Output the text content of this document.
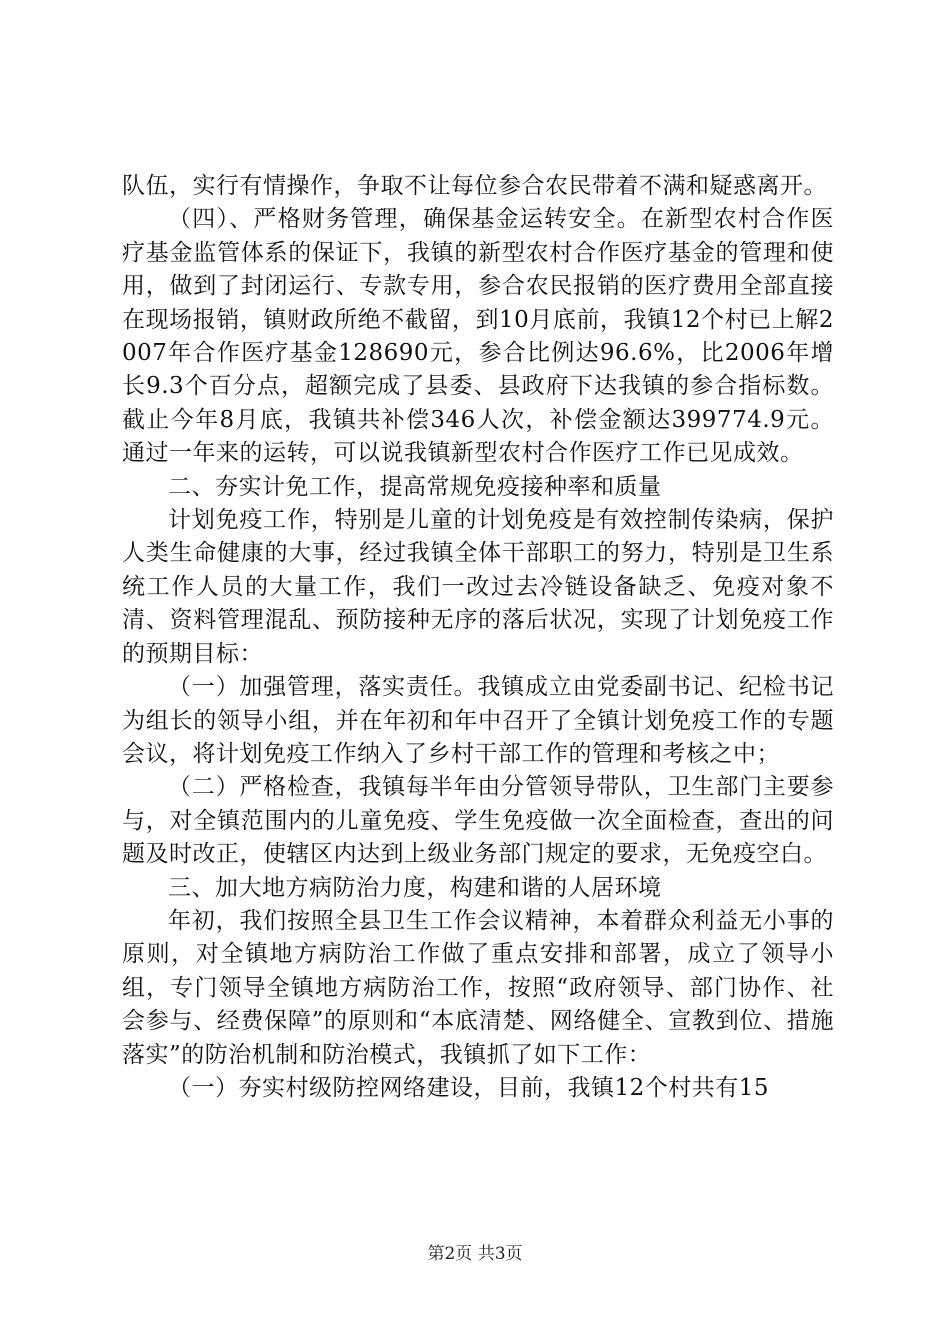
队伍，实行有情操作，争取不让每位参合农民带着不满和疑惑离开。

（四）、严格财务管理，确保基金运转安全。在新型农村合作医疗基金监管体系的保证下，我镇的新型农村合作医疗基金的管理和使用，做到了封闭运行、专款专用，参合农民报销的医疗费用全部直接在现场报销，镇财政所绝不截留，到10月底前，我镇12个村已上解2007年合作医疗基金128690元，参合比例达96.6%，比2006年增长9.3个百分点，超额完成了县委、县政府下达我镇的参合指标数。截止今年8月底，我镇共补偿346人次，补偿金额达399774.9元。通过一年来的运转，可以说我镇新型农村合作医疗工作已见成效。

二、夯实计免工作，提高常规免疫接种率和质量

计划免疫工作，特别是儿童的计划免疫是有效控制传染病，保护人类生命健康的大事，经过我镇全体干部职工的努力，特别是卫生系统工作人员的大量工作，我们一改过去冷链设备缺乏、免疫对象不清、资料管理混乱、预防接种无序的落后状况，实现了计划免疫工作的预期目标：

（一）加强管理，落实责任。我镇成立由党委副书记、纪检书记为组长的领导小组，并在年初和年中召开了全镇计划免疫工作的专题会议，将计划免疫工作纳入了乡村干部工作的管理和考核之中；

（二）严格检查，我镇每半年由分管领导带队，卫生部门主要参与，对全镇范围内的儿童免疫、学生免疫做一次全面检查，查出的问题及时改正，使辖区内达到上级业务部门规定的要求，无免疫空白。

三、加大地方病防治力度，构建和谐的人居环境

年初，我们按照全县卫生工作会议精神，本着群众利益无小事的原则，对全镇地方病防治工作做了重点安排和部署，成立了领导小组，专门领导全镇地方病防治工作，按照“政府领导、部门协作、社会参与、经费保障”的原则和“本底清楚、网络健全、宣教到位、措施落实”的防治机制和防治模式，我镇抓了如下工作：

（一）夯实村级防控网络建设，目前，我镇12个村共有15

第2页 共3页
